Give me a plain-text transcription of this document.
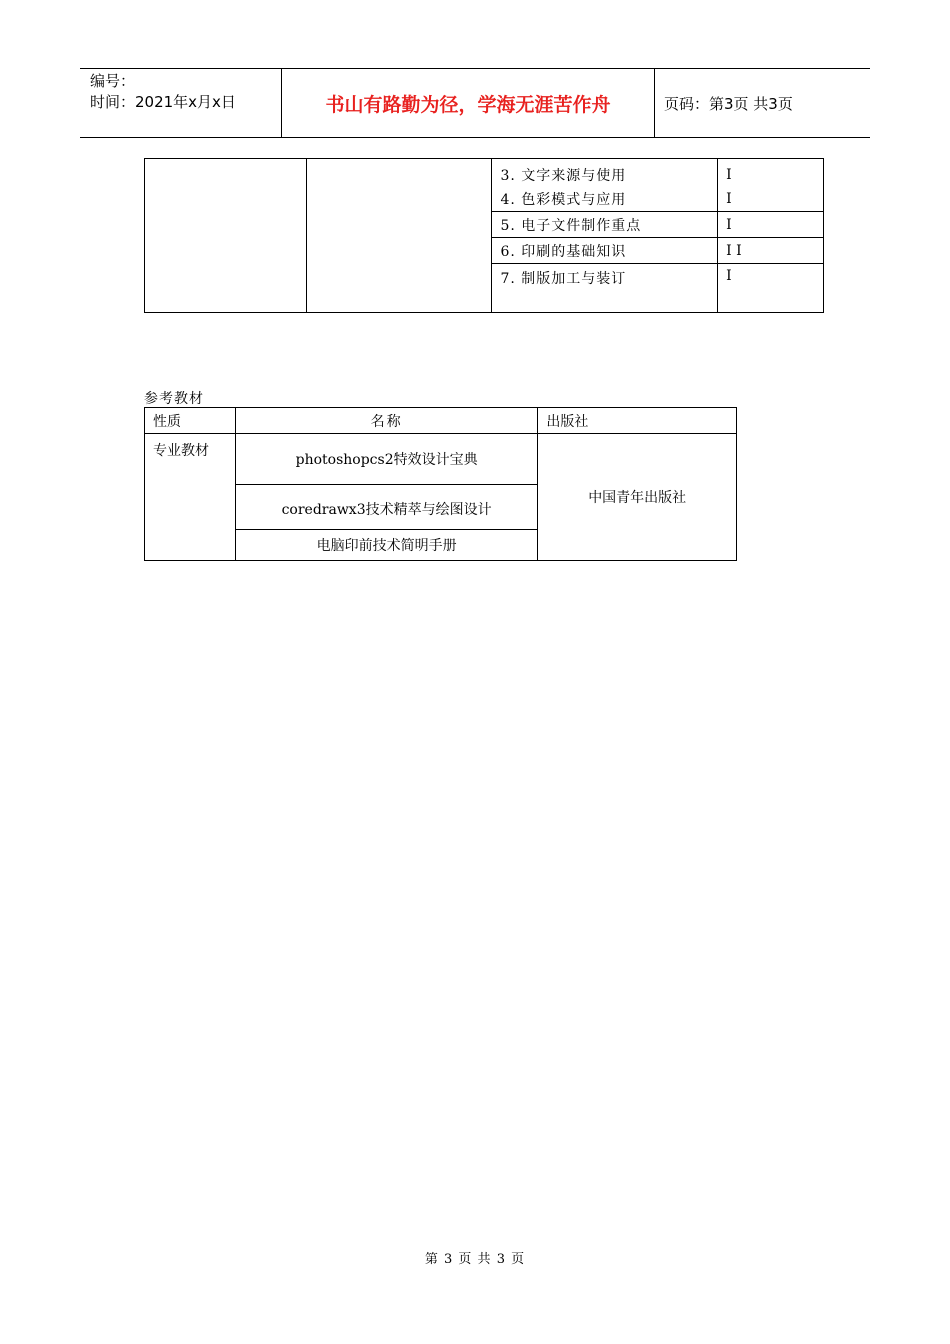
编号：
时间：2021年x月x日	书山有路勤为径，学海无涯苦作舟	页码：第3页 共3页
		3. 文字来源与使用	I
		4. 色彩模式与应用	I
		5. 电子文件制作重点	I
		6. 印刷的基础知识	I I
		7. 制版加工与装订	I
参考教材
性质	名称	出版社
专业教材	photoshopcs2特效设计宝典	中国青年出版社
	coredrawx3技术精萃与绘图设计	
	电脑印前技术简明手册	
第 3 页 共 3 页
